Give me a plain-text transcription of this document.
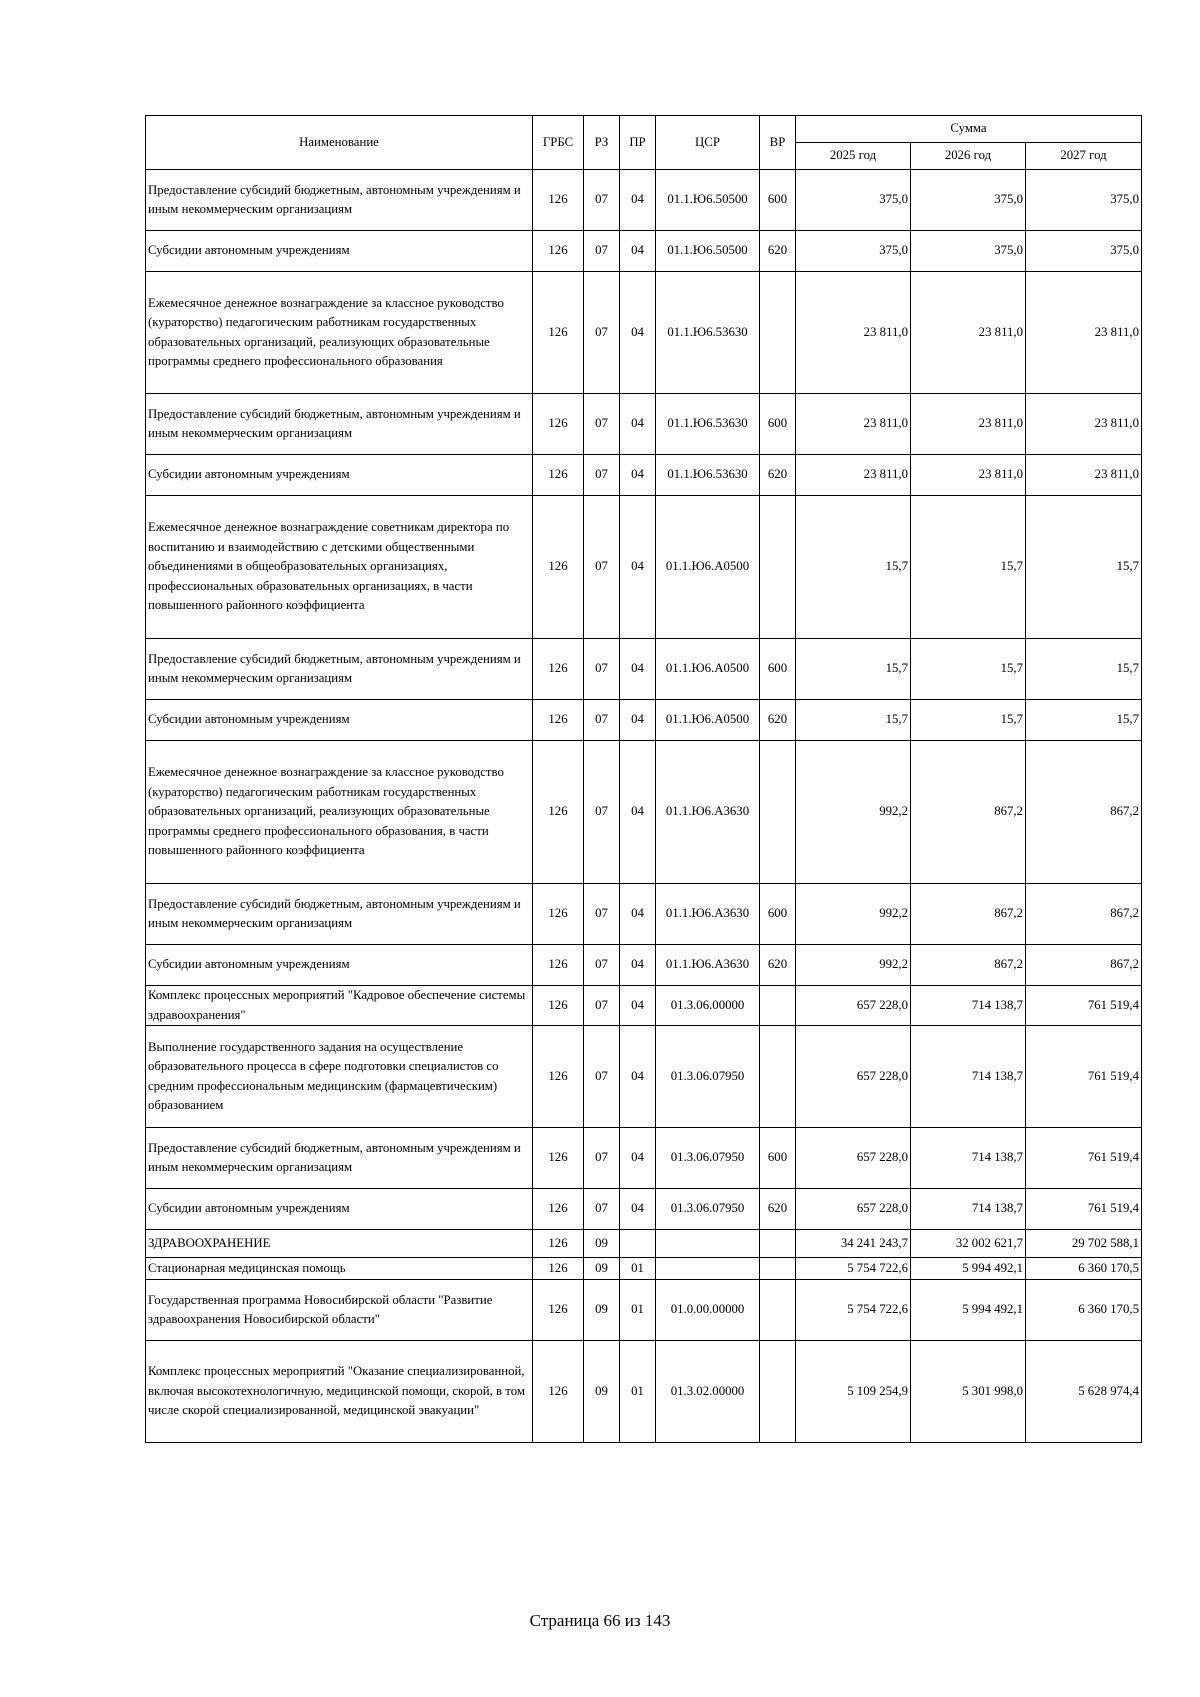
Наименование	ГРБС	РЗ	ПР	ЦСР	ВР	Сумма		
						2025 год	2026 год	2027 год
Предоставление субсидий бюджетным, автономным учреждениям и иным некоммерческим организациям	126	07	04	01.1.Ю6.50500	600	375,0	375,0	375,0
Субсидии автономным учреждениям	126	07	04	01.1.Ю6.50500	620	375,0	375,0	375,0
Ежемесячное денежное вознаграждение за классное руководство (кураторство) педагогическим работникам государственных образовательных организаций, реализующих образовательные программы среднего профессионального образования	126	07	04	01.1.Ю6.53630		23 811,0	23 811,0	23 811,0
Предоставление субсидий бюджетным, автономным учреждениям и иным некоммерческим организациям	126	07	04	01.1.Ю6.53630	600	23 811,0	23 811,0	23 811,0
Субсидии автономным учреждениям	126	07	04	01.1.Ю6.53630	620	23 811,0	23 811,0	23 811,0
Ежемесячное денежное вознаграждение советникам директора по воспитанию и взаимодействию с детскими общественными объединениями в общеобразовательных организациях, профессиональных образовательных организациях, в части повышенного районного коэффициента	126	07	04	01.1.Ю6.А0500		15,7	15,7	15,7
Предоставление субсидий бюджетным, автономным учреждениям и иным некоммерческим организациям	126	07	04	01.1.Ю6.А0500	600	15,7	15,7	15,7
Субсидии автономным учреждениям	126	07	04	01.1.Ю6.А0500	620	15,7	15,7	15,7
Ежемесячное денежное вознаграждение за классное руководство (кураторство) педагогическим работникам государственных образовательных организаций, реализующих образовательные программы среднего профессионального образования, в части повышенного районного коэффициента	126	07	04	01.1.Ю6.А3630		992,2	867,2	867,2
Предоставление субсидий бюджетным, автономным учреждениям и иным некоммерческим организациям	126	07	04	01.1.Ю6.А3630	600	992,2	867,2	867,2
Субсидии автономным учреждениям	126	07	04	01.1.Ю6.А3630	620	992,2	867,2	867,2
Комплекс процессных мероприятий "Кадровое обеспечение системы здравоохранения"	126	07	04	01.3.06.00000		657 228,0	714 138,7	761 519,4
Выполнение государственного задания на осуществление образовательного процесса в сфере подготовки специалистов со средним профессиональным медицинским (фармацевтическим) образованием	126	07	04	01.3.06.07950		657 228,0	714 138,7	761 519,4
Предоставление субсидий бюджетным, автономным учреждениям и иным некоммерческим организациям	126	07	04	01.3.06.07950	600	657 228,0	714 138,7	761 519,4
Субсидии автономным учреждениям	126	07	04	01.3.06.07950	620	657 228,0	714 138,7	761 519,4
ЗДРАВООХРАНЕНИЕ	126	09				34 241 243,7	32 002 621,7	29 702 588,1
Стационарная медицинская помощь	126	09	01			5 754 722,6	5 994 492,1	6 360 170,5
Государственная программа Новосибирской области "Развитие здравоохранения Новосибирской области"	126	09	01	01.0.00.00000		5 754 722,6	5 994 492,1	6 360 170,5
Комплекс процессных мероприятий "Оказание специализированной, включая высокотехнологичную, медицинской помощи, скорой, в том числе скорой специализированной, медицинской эвакуации"	126	09	01	01.3.02.00000		5 109 254,9	5 301 998,0	5 628 974,4
Страница 66 из 143
